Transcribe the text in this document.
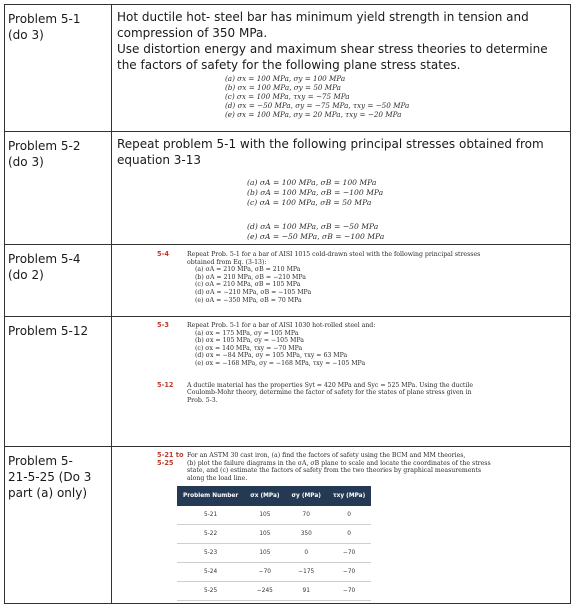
Problem 5-1
(do 3)

Hot ductile hot- steel bar has minimum yield strength in tension and
compression of 350 MPa.
Use distortion energy and maximum shear stress theories to determine
the factors of safety for the following plane stress states.
(a) σx = 100 MPa, σy = 100 MPa
(b) σx = 100 MPa, σy = 50 MPa
(c) σx = 100 MPa, τxy = −75 MPa
(d) σx = −50 MPa, σy = −75 MPa, τxy = −50 MPa
(e) σx = 100 MPa, σy = 20 MPa, τxy = −20 MPa

Problem 5-2
(do 3)

Repeat problem 5-1 with the following principal stresses obtained from
equation 3-13
(a) σA = 100 MPa, σB = 100 MPa
(b) σA = 100 MPa, σB = −100 MPa
(c) σA = 100 MPa, σB = 50 MPa
(d) σA = 100 MPa, σB = −50 MPa
(e) σA = −50 MPa, σB = −100 MPa

Problem 5-4
(do 2)

5-4	Repeat Prob. 5-1 for a bar of AISI 1015 cold-drawn steel with the following principal stresses
obtained from Eq. (3-13):
(a) σA = 210 MPa, σB = 210 MPa
(b) σA = 210 MPa, σB = −210 MPa
(c) σA = 210 MPa, σB = 105 MPa
(d) σA = −210 MPa, σB = −105 MPa
(e) σA = −350 MPa, σB = 70 MPa

Problem 5-12	5-3	Repeat Prob. 5-1 for a bar of AISI 1030 hot-rolled steel and:
(a) σx = 175 MPa, σy = 105 MPa
(b) σx = 105 MPa, σy = −105 MPa
(c) σx = 140 MPa, τxy = −70 MPa
(d) σx = −84 MPa, σy = 105 MPa, τxy = 63 MPa
(e) σx = −168 MPa, σy = −168 MPa, τxy = −105 MPa
5-12	A ductile material has the properties Syt = 420 MPa and Syc = 525 MPa. Using the ductile
Coulomb-Mohr theory, determine the factor of safety for the states of plane stress given in
Prob. 5-3.

Problem 5-
21-5-25 (Do 3
part (a) only)

5-21 to
5-25
For an ASTM 30 cast iron, (a) find the factors of safety using the BCM and MM theories,
(b) plot the failure diagrams in the σA, σB plane to scale and locate the coordinates of the stress
state, and (c) estimate the factors of safety from the two theories by graphical measurements
along the load line.
Problem Number	σx (MPa)	σy (MPa)	τxy (MPa)
5-21	105	70	0
5-22	105	350	0
5-23	105	0	−70
5-24	−70	−175	−70
5-25	−245	91	−70
